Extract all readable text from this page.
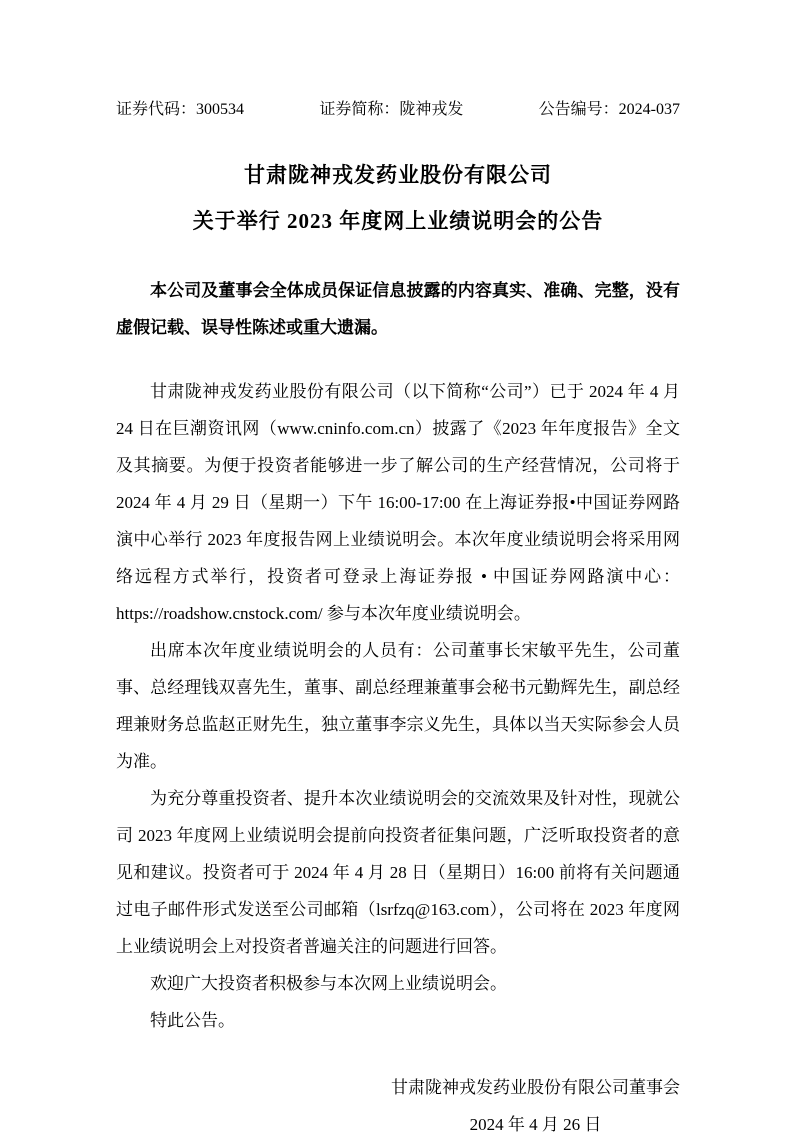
证券代码：300534	证券简称：陇神戎发	公告编号：2024-037
甘肃陇神戎发药业股份有限公司
关于举行 2023 年度网上业绩说明会的公告
本公司及董事会全体成员保证信息披露的内容真实、准确、完整，没有虚假记载、误导性陈述或重大遗漏。

甘肃陇神戎发药业股份有限公司（以下简称“公司”）已于 2024 年 4 月 24 日在巨潮资讯网（www.cninfo.com.cn）披露了《2023 年年度报告》全文及其摘要。为便于投资者能够进一步了解公司的生产经营情况，公司将于 2024 年 4 月 29 日（星期一）下午 16:00-17:00 在上海证券报•中国证券网路演中心举行 2023 年度报告网上业绩说明会。本次年度业绩说明会将采用网络远程方式举行，投资者可登录上海证券报 • 中国证券网路演中心：https://roadshow.cnstock.com/ 参与本次年度业绩说明会。

出席本次年度业绩说明会的人员有：公司董事长宋敏平先生，公司董事、总经理钱双喜先生，董事、副总经理兼董事会秘书元勤辉先生，副总经理兼财务总监赵正财先生，独立董事李宗义先生，具体以当天实际参会人员为准。

为充分尊重投资者、提升本次业绩说明会的交流效果及针对性，现就公司 2023 年度网上业绩说明会提前向投资者征集问题，广泛听取投资者的意见和建议。投资者可于 2024 年 4 月 28 日（星期日）16:00 前将有关问题通过电子邮件形式发送至公司邮箱（lsrfzq@163.com），公司将在 2023 年度网上业绩说明会上对投资者普遍关注的问题进行回答。

欢迎广大投资者积极参与本次网上业绩说明会。

特此公告。

甘肃陇神戎发药业股份有限公司董事会
2024 年 4 月 26 日
